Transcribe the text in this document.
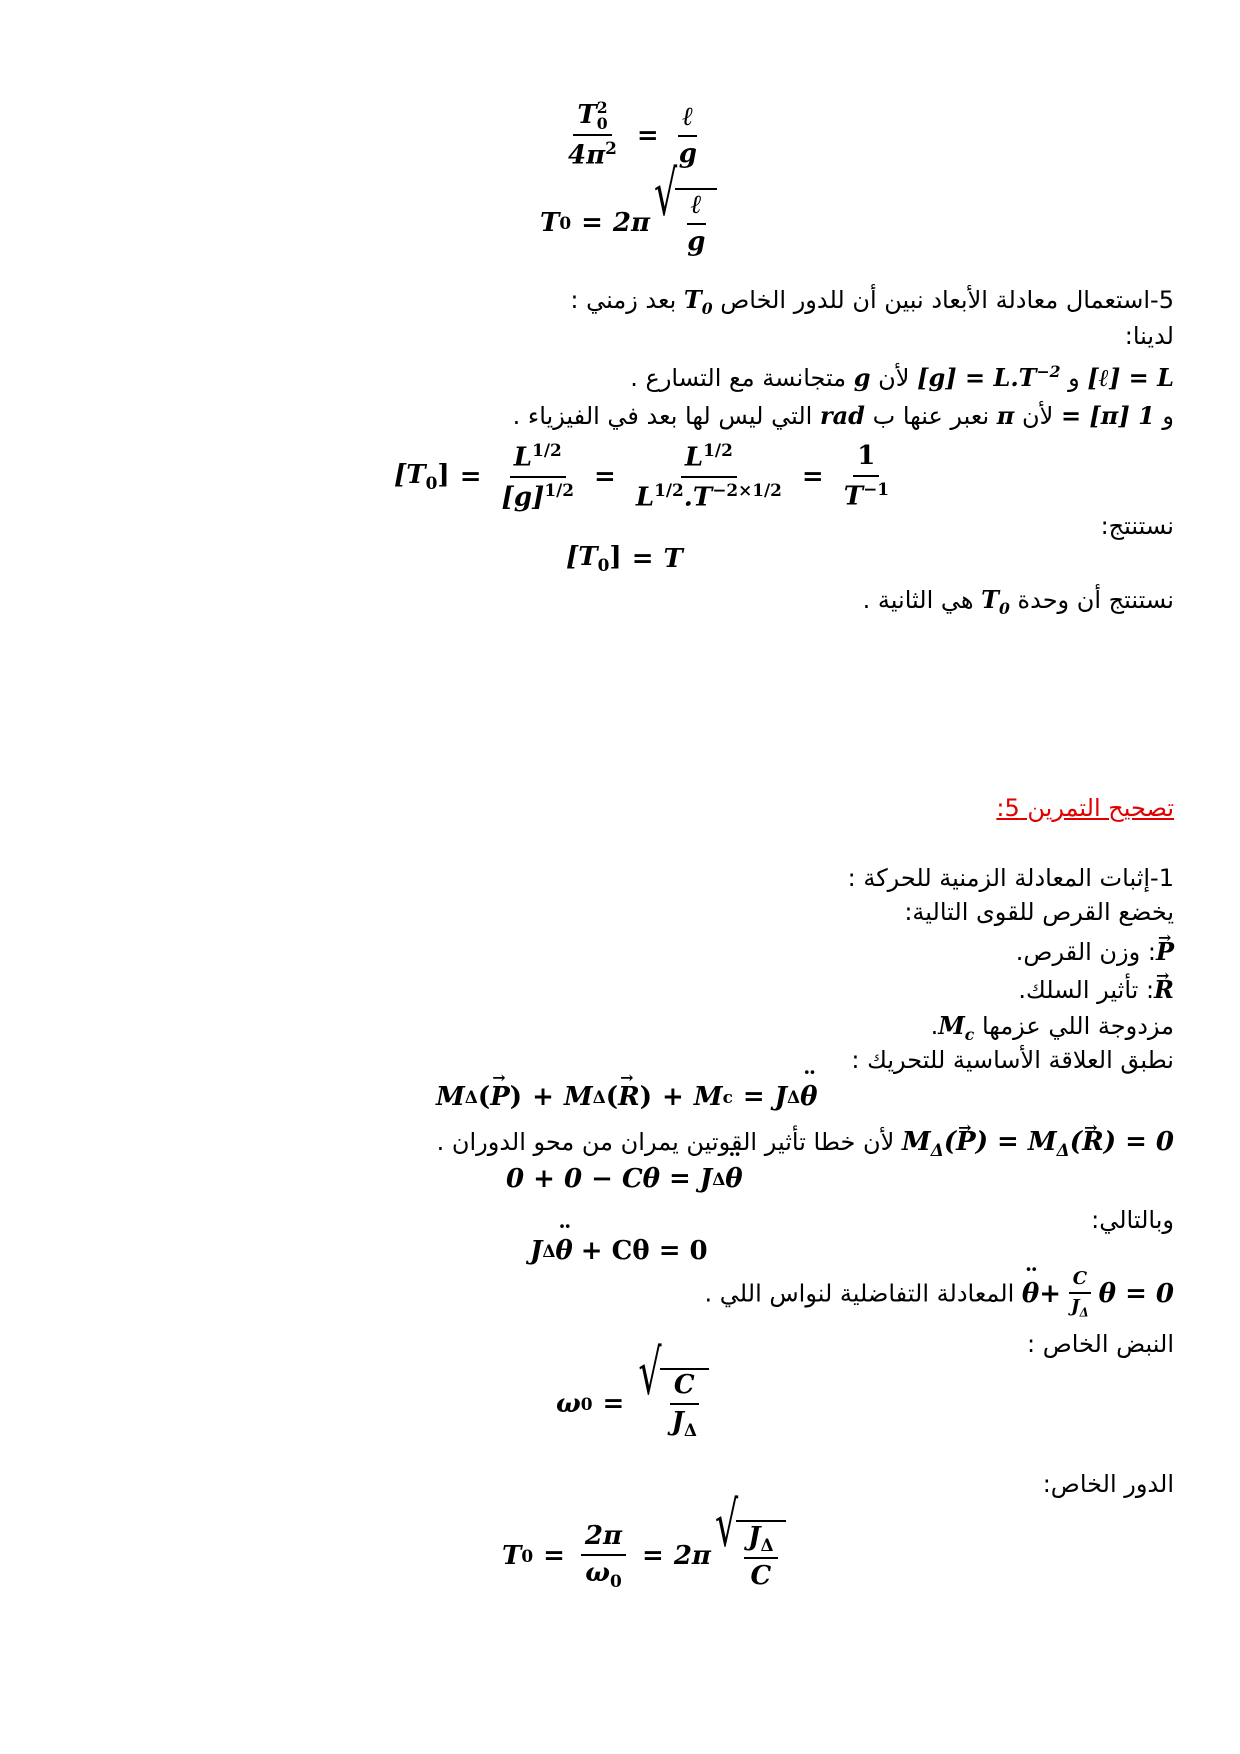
T 2
0
$4\pi^2 = \frac{\text{ℓ}}{g}$
T 0 = 2π √ $\frac{\text{ℓ}}{g}$
5-استعمال معادلة الأبعاد نبين أن للدور الخاص $T_0$ بعد زمني :
لدينا:
[ℓ] = L و $[g] = L.T^{-2}$ لأن g متجانسة مع التسارع .
و = [π] 1 لأن π نعبر عنها ب rad التي ليس لها بعد في الفيزياء .
$[T_0] = \frac{L^{1/2}}{[g]^{1/2}} = \frac{L^{1/2}}{L^{1/2}.T^{-2\times 1/2}} = \frac{1}{T^{-1}}$
نستنتج:
$[T_0] = T$
نستنتج أن وحدة $T_0$ هي الثانية .
تصحيح التمرين 5:
1-إثبات المعادلة الزمنية للحركة :
يخضع القرص للقوى التالية:
→ P: وزن القرص.
→ R: تأثير السلك.
مزدوجة اللي عزمها $M_c$.
نطبق العلاقة الأساسية للتحريك :
M Δ ( → P ) + M Δ ( → R ) + M c = J Δ ¨ θ
$M_\Delta(\to P) = M_\Delta(\to R) = 0$ لأن خطا تأثير القوتين يمران من محو الدوران .
0 + 0 − Cθ = J Δ ¨ θ
وبالتالي:
J Δ ¨ θ + Cθ = 0
¨ $\theta + \frac{C}{J_\Delta}$ θ
= 0
المعادلة التفاضلية لنواس اللي .
النبض الخاص :
ω 0 = √ $\frac{C}{J_\Delta}$
الدور الخاص:
T $0 = \frac{2\pi}{\omega_0} = 2\pi$ √ $\frac{J_\Delta}{C}$
